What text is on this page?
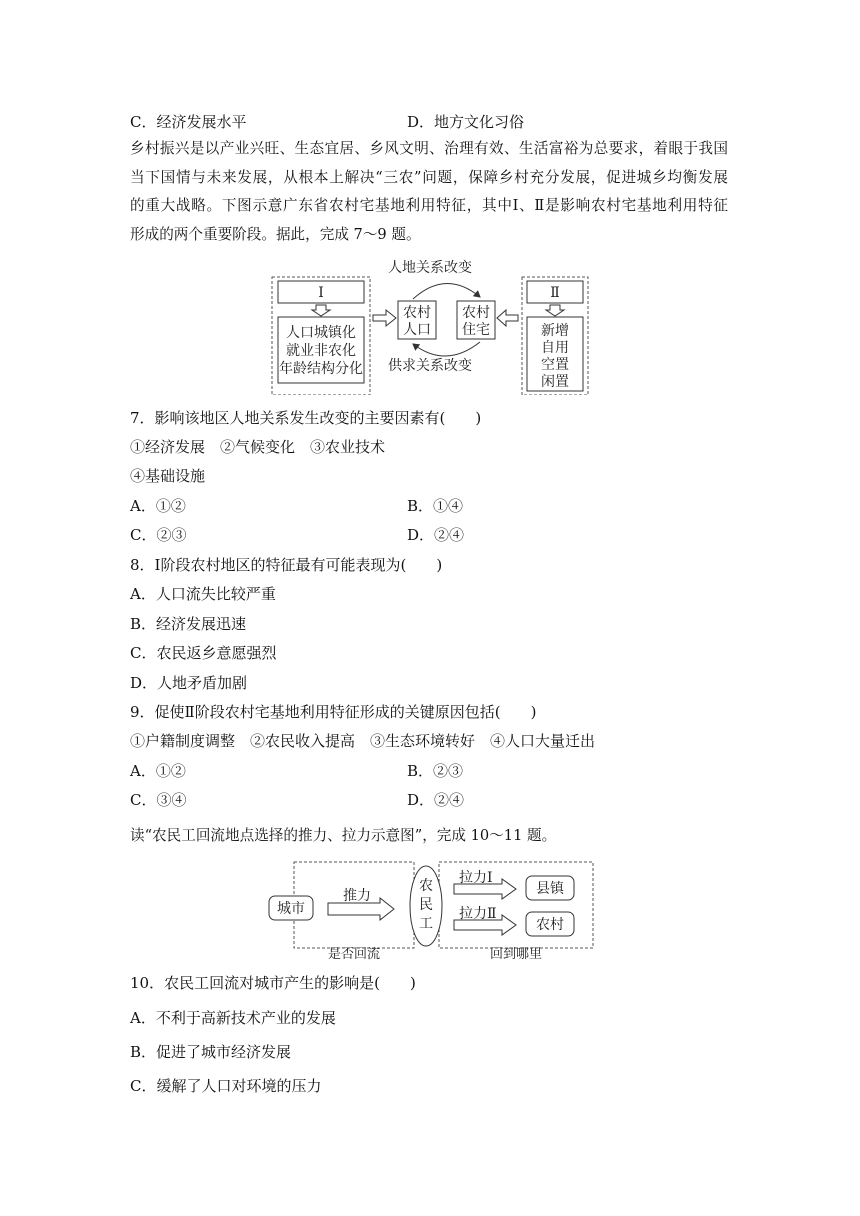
C．经济发展水平	D．地方文化习俗
乡村振兴是以产业兴旺、生态宜居、乡风文明、治理有效、生活富裕为总要求，着眼于我国
当下国情与未来发展，从根本上解决“三农”问题，保障乡村充分发展，促进城乡均衡发展
的重大战略。下图示意广东省农村宅基地利用特征，其中Ⅰ、Ⅱ是影响农村宅基地利用特征
形成的两个重要阶段。据此，完成 7～9 题。
人地关系改变
供求关系改变
Ⅰ
人口城镇化
就业非农化
年龄结构分化
农村
人口
农村
住宅
Ⅱ
新增
自用
空置
闲置
7．影响该地区人地关系发生改变的主要因素有(　　)
①经济发展　②气候变化　③农业技术
④基础设施
A．①②	B．①④
C．②③	D．②④
8．Ⅰ阶段农村地区的特征最有可能表现为(　　)
A．人口流失比较严重
B．经济发展迅速
C．农民返乡意愿强烈
D．人地矛盾加剧
9．促使Ⅱ阶段农村宅基地利用特征形成的关键原因包括(　　)
①户籍制度调整　②农民收入提高　③生态环境转好　④人口大量迁出
A．①②	B．②③
C．③④	D．②④
读“农民工回流地点选择的推力、拉力示意图”，完成 10～11 题。
城市
推力
农
民
工
拉力Ⅰ
拉力Ⅱ
县镇
农村
是否回流	回到哪里
10．农民工回流对城市产生的影响是(　　)
A．不利于高新技术产业的发展
B．促进了城市经济发展
C．缓解了人口对环境的压力
